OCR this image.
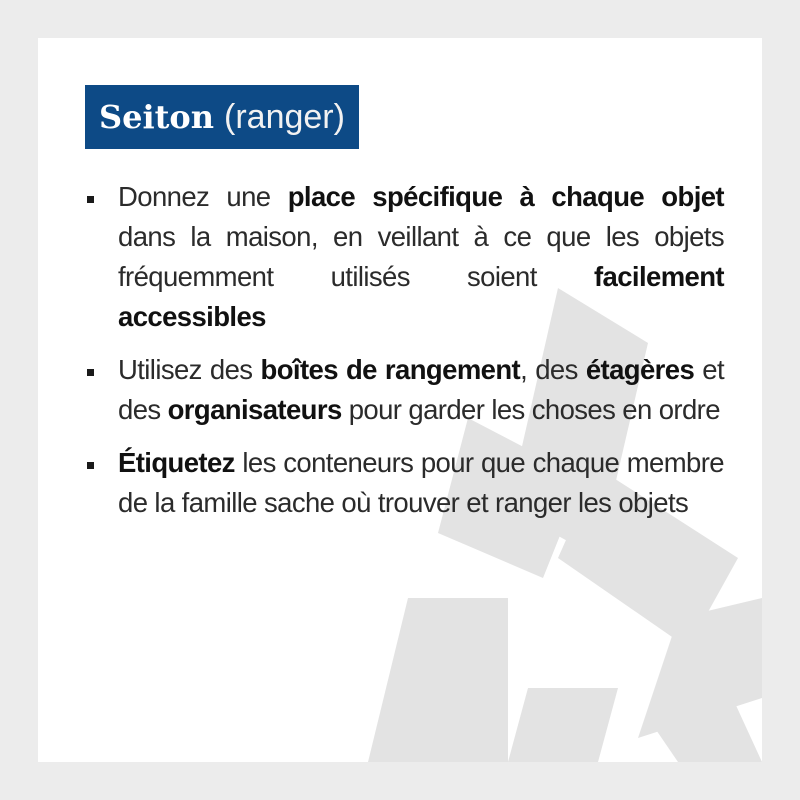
Seiton (ranger)
Donnez une place spécifique à chaque objet dans la maison, en veillant à ce que les objets fréquemment utilisés soient facilement accessibles
Utilisez des boîtes de rangement, des étagères et des organisateurs pour garder les choses en ordre
Étiquetez les conteneurs pour que chaque membre de la famille sache où trouver et ranger les objets
